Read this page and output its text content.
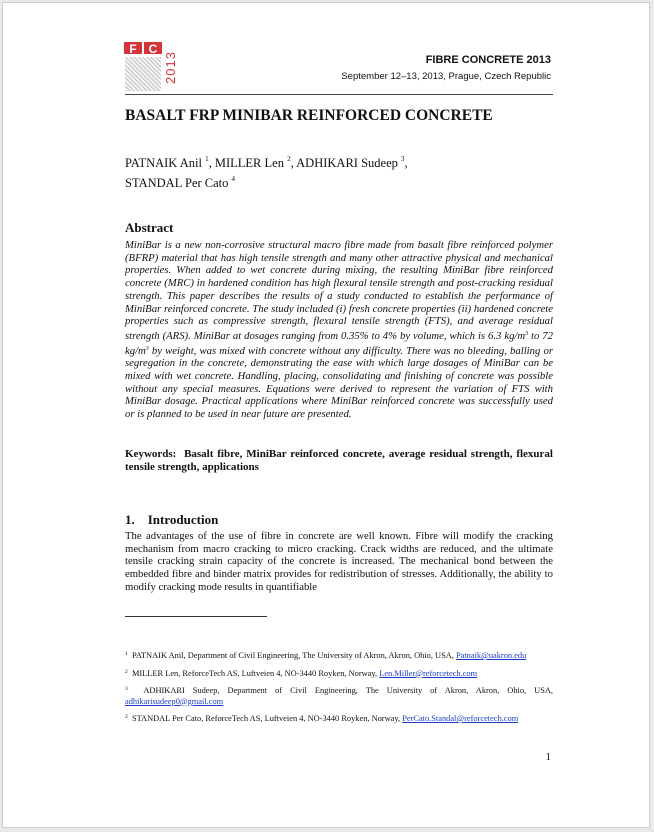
F C
2013	FIBRE CONCRETE 2013
September 12–13, 2013, Prague, Czech Republic
BASALT FRP MINIBAR REINFORCED CONCRETE
PATNAIK Anil $^1$, MILLER Len $^2$, ADHIKARI Sudeep $^3$,
STANDAL Per Cato $^4$
Abstract
MiniBar is a new non-corrosive structural macro fibre made from basalt fibre reinforced polymer (BFRP) material that has high tensile strength and many other attractive physical and mechanical properties. When added to wet concrete during mixing, the resulting MiniBar fibre reinforced concrete (MRC) in hardened condition has high flexural tensile strength and post-cracking residual strength. This paper describes the results of a study conducted to establish the performance of MiniBar reinforced concrete. The study included (i) fresh concrete properties (ii) hardened concrete properties such as compressive strength, flexural tensile strength (FTS), and average residual strength (ARS). MiniBar at dosages ranging from 0.35% to 4% by volume, which is 6.3 $kg/m^3$ to 72 $kg/m^3$ by weight, was mixed with concrete without any difficulty. There was no bleeding, balling or segregation in the concrete, demonstrating the ease with which large dosages of MiniBar can be mixed with wet concrete. Handling, placing, consolidating and finishing of concrete was possible without any special measures. Equations were derived to represent the variation of FTS with MiniBar dosage. Practical applications where MiniBar reinforced concrete was successfully used or is planned to be used in near future are presented.
Keywords: Basalt fibre, MiniBar reinforced concrete, average residual strength, flexural tensile strength, applications
1. Introduction
The advantages of the use of fibre in concrete are well known. Fibre will modify the cracking mechanism from macro cracking to micro cracking. Crack widths are reduced, and the ultimate tensile cracking strain capacity of the concrete is increased. The mechanical bond between the embedded fibre and binder matrix provides for redistribution of stresses. Additionally, the ability to modify cracking mode results in quantifiable
$^1$ PATNAIK Anil, Department of Civil Engineering, The University of Akron, Akron, Ohio, USA, Patnaik@uakron.edu
$^2$ MILLER Len, ReforceTech AS, Luftveien 4, NO-3440 Royken, Norway, Len.Miller@reforcetech.com
$^3$ ADHIKARI Sudeep, Department of Civil Engineering, The University of Akron, Akron, Ohio, USA, adhikarisudeep0@gmail.com
$^2$ STANDAL Per Cato, ReforceTech AS, Luftveien 4, NO-3440 Royken, Norway, PerCato.Standal@reforcetech.com
1
